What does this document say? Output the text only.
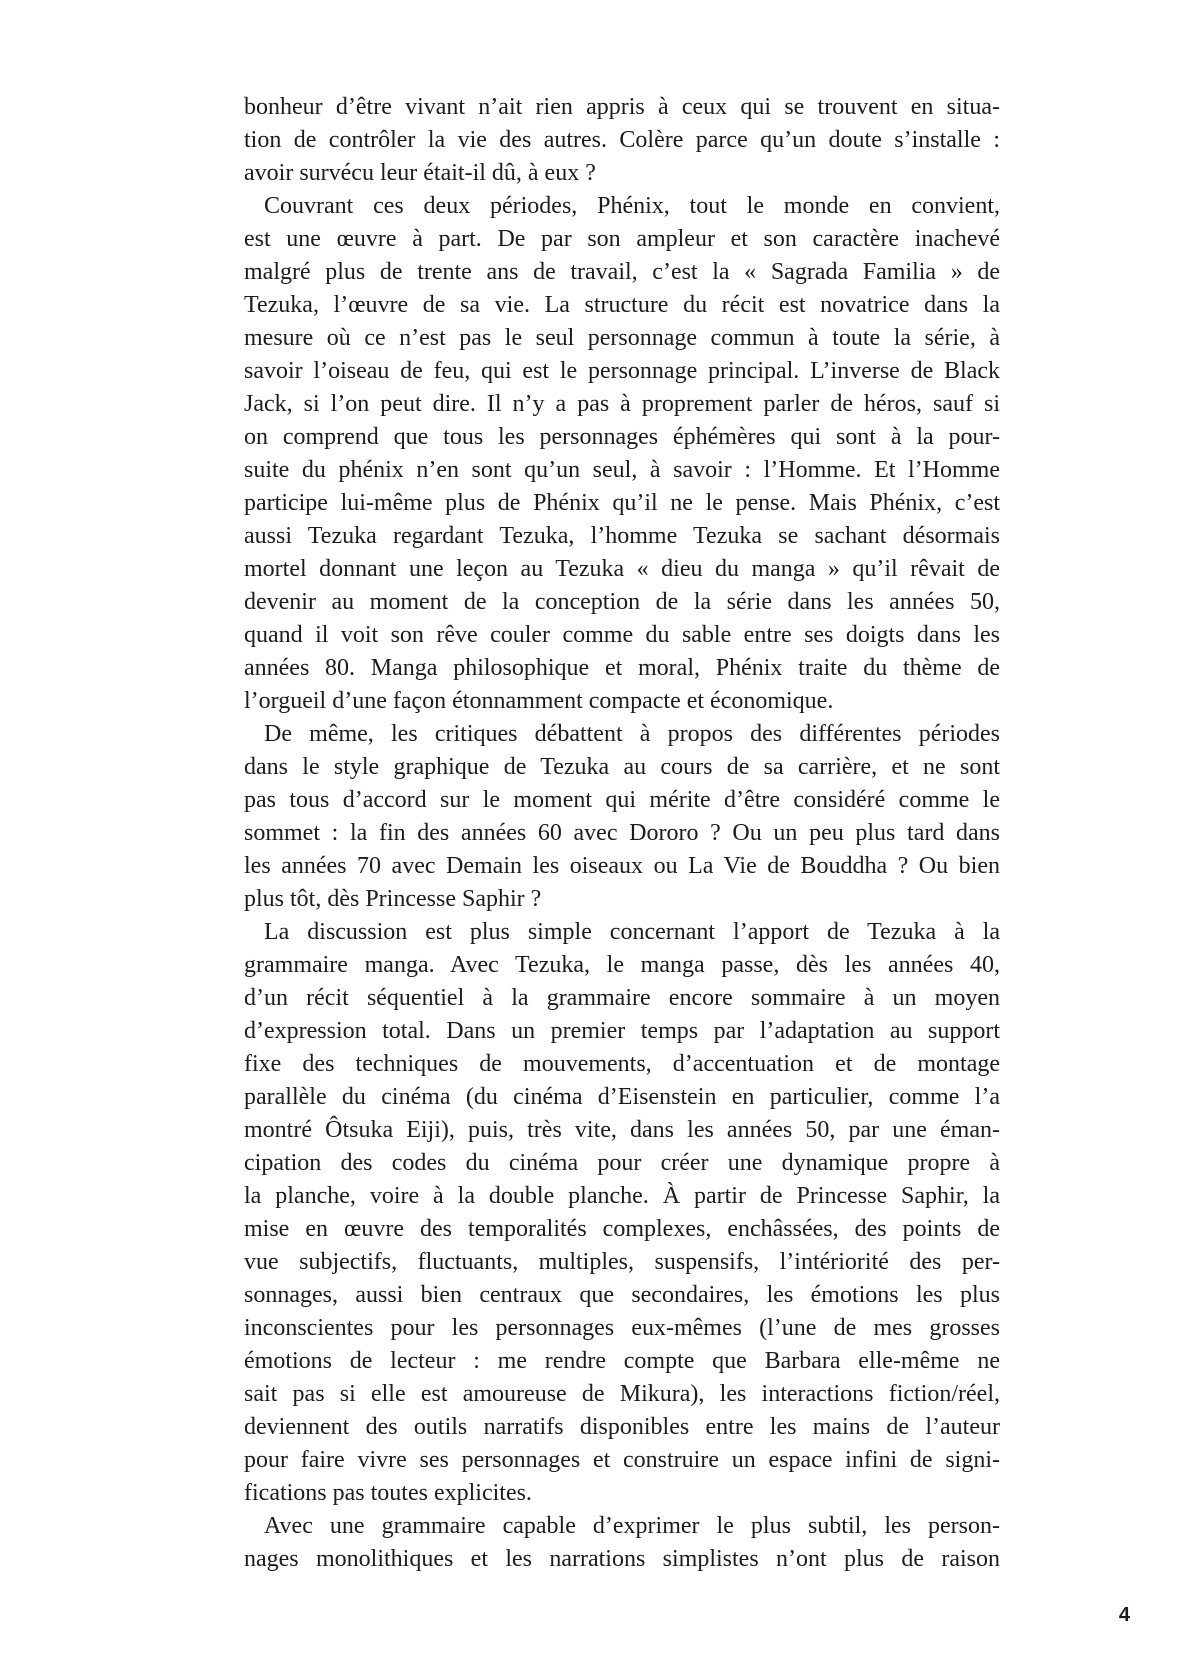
bonheur d’être vivant n’ait rien appris à ceux qui se trouvent en situa-
tion de contrôler la vie des autres. Colère parce qu’un doute s’installe :
avoir survécu leur était-il dû, à eux ?
Couvrant ces deux périodes, Phénix, tout le monde en convient,
est une œuvre à part. De par son ampleur et son caractère inachevé
malgré plus de trente ans de travail, c’est la « Sagrada Familia » de
Tezuka, l’œuvre de sa vie. La structure du récit est novatrice dans la
mesure où ce n’est pas le seul personnage commun à toute la série, à
savoir l’oiseau de feu, qui est le personnage principal. L’inverse de Black
Jack, si l’on peut dire. Il n’y a pas à proprement parler de héros, sauf si
on comprend que tous les personnages éphémères qui sont à la pour-
suite du phénix n’en sont qu’un seul, à savoir : l’Homme. Et l’Homme
participe lui-même plus de Phénix qu’il ne le pense. Mais Phénix, c’est
aussi Tezuka regardant Tezuka, l’homme Tezuka se sachant désormais
mortel donnant une leçon au Tezuka « dieu du manga » qu’il rêvait de
devenir au moment de la conception de la série dans les années 50,
quand il voit son rêve couler comme du sable entre ses doigts dans les
années 80. Manga philosophique et moral, Phénix traite du thème de
l’orgueil d’une façon étonnamment compacte et économique.
De même, les critiques débattent à propos des différentes périodes
dans le style graphique de Tezuka au cours de sa carrière, et ne sont
pas tous d’accord sur le moment qui mérite d’être considéré comme le
sommet : la fin des années 60 avec Dororo ? Ou un peu plus tard dans
les années 70 avec Demain les oiseaux ou La Vie de Bouddha ? Ou bien
plus tôt, dès Princesse Saphir ?
La discussion est plus simple concernant l’apport de Tezuka à la
grammaire manga. Avec Tezuka, le manga passe, dès les années 40,
d’un récit séquentiel à la grammaire encore sommaire à un moyen
d’expression total. Dans un premier temps par l’adaptation au support
fixe des techniques de mouvements, d’accentuation et de montage
parallèle du cinéma (du cinéma d’Eisenstein en particulier, comme l’a
montré Ôtsuka Eiji), puis, très vite, dans les années 50, par une éman-
cipation des codes du cinéma pour créer une dynamique propre à
la planche, voire à la double planche. À partir de Princesse Saphir, la
mise en œuvre des temporalités complexes, enchâssées, des points de
vue subjectifs, fluctuants, multiples, suspensifs, l’intériorité des per-
sonnages, aussi bien centraux que secondaires, les émotions les plus
inconscientes pour les personnages eux-mêmes (l’une de mes grosses
émotions de lecteur : me rendre compte que Barbara elle-même ne
sait pas si elle est amoureuse de Mikura), les interactions fiction/réel,
deviennent des outils narratifs disponibles entre les mains de l’auteur
pour faire vivre ses personnages et construire un espace infini de signi-
fications pas toutes explicites.
Avec une grammaire capable d’exprimer le plus subtil, les person-
nages monolithiques et les narrations simplistes n’ont plus de raison
4
